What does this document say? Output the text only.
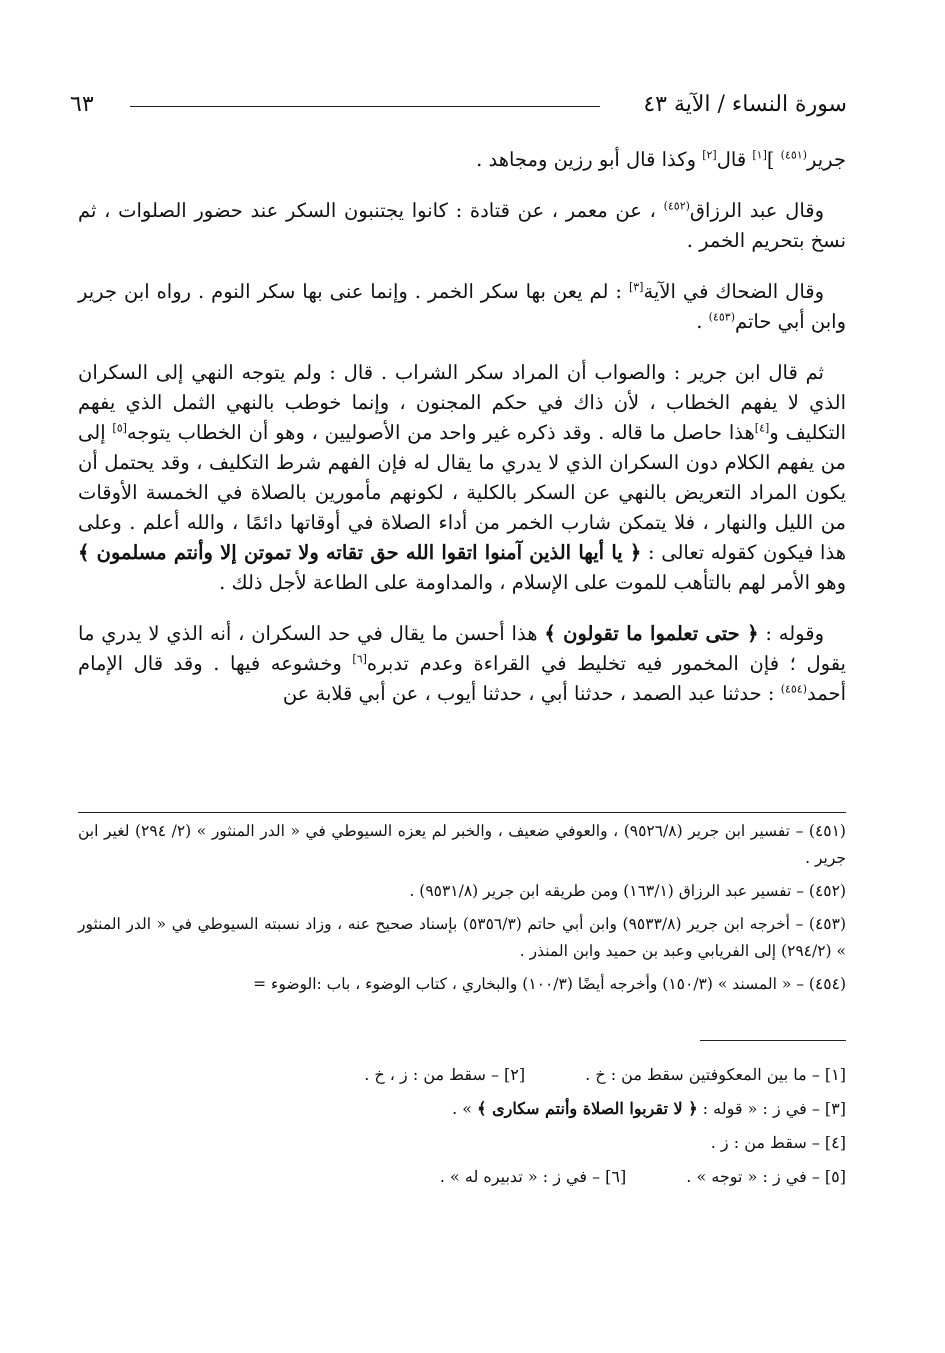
٦٣	سورة النساء / الآية ٤٣

جرير$^{(٤٥١)}$ ][١] قال[٢] وكذا قال أبو رزين ومجاهد .

وقال عبد الرزاق$^{(٤٥٢)}$ ، عن معمر ، عن قتادة : كانوا يجتنبون السكر عند حضور الصلوات ، ثم نسخ بتحريم الخمر .

وقال الضحاك في الآية[٣] : لم يعن بها سكر الخمر . وإنما عنى بها سكر النوم . رواه ابن جرير وابن أبي حاتم$^{(٤٥٣)}$ .

ثم قال ابن جرير : والصواب أن المراد سكر الشراب . قال : ولم يتوجه النهي إلى السكران الذي لا يفهم الخطاب ، لأن ذاك في حكم المجنون ، وإنما خوطب بالنهي الثمل الذي يفهم التكليف و[٤]هذا حاصل ما قاله . وقد ذكره غير واحد من الأصوليين ، وهو أن الخطاب يتوجه[٥] إلى من يفهم الكلام دون السكران الذي لا يدري ما يقال له فإن الفهم شرط التكليف ، وقد يحتمل أن يكون المراد التعريض بالنهي عن السكر بالكلية ، لكونهم مأمورين بالصلاة في الخمسة الأوقات من الليل والنهار ، فلا يتمكن شارب الخمر من أداء الصلاة في أوقاتها دائمًا ، والله أعلم . وعلى هذا فيكون كقوله تعالى : ﴿ يا أيها الذين آمنوا اتقوا الله حق تقاته ولا تموتن إلا وأنتم مسلمون ﴾ وهو الأمر لهم بالتأهب للموت على الإسلام ، والمداومة على الطاعة لأجل ذلك .

وقوله : ﴿ حتى تعلموا ما تقولون ﴾ هذا أحسن ما يقال في حد السكران ، أنه الذي لا يدري ما يقول ؛ فإن المخمور فيه تخليط في القراءة وعدم تدبره[٦] وخشوعه فيها . وقد قال الإمام أحمد$^{(٤٥٤)}$ : حدثنا عبد الصمد ، حدثنا أبي ، حدثنا أيوب ، عن أبي قلابة عن

(٤٥١) – تفسير ابن جرير (٩٥٢٦/٨) ، والعوفي ضعيف ، والخبر لم يعزه السيوطي في « الدر المنثور » (٢/ ٢٩٤) لغير ابن جرير .

(٤٥٢) – تفسير عبد الرزاق (١٦٣/١) ومن طريقه ابن جرير (٩٥٣١/٨) .

(٤٥٣) – أخرجه ابن جرير (٩٥٣٣/٨) وابن أبي حاتم (٥٣٥٦/٣) بإسناد صحيح عنه ، وزاد نسبته السيوطي في « الدر المنثور » (٢٩٤/٢) إلى الفريابي وعبد بن حميد وابن المنذر .

(٤٥٤) – « المسند » (١٥٠/٣) وأخرجه أيضًا (١٠٠/٣) والبخاري ، كتاب الوضوء ، باب :الوضوء =

[١] – ما بين المعكوفتين سقط من : خ .
[٢] – سقط من : ز ، خ .
[٣] – في ز : « قوله : ﴿ لا تقربوا الصلاة وأنتم سكارى ﴾ » .
[٤] – سقط من : ز .
[٥] – في ز : « توجه » .
[٦] – في ز : « تدبيره له » .
